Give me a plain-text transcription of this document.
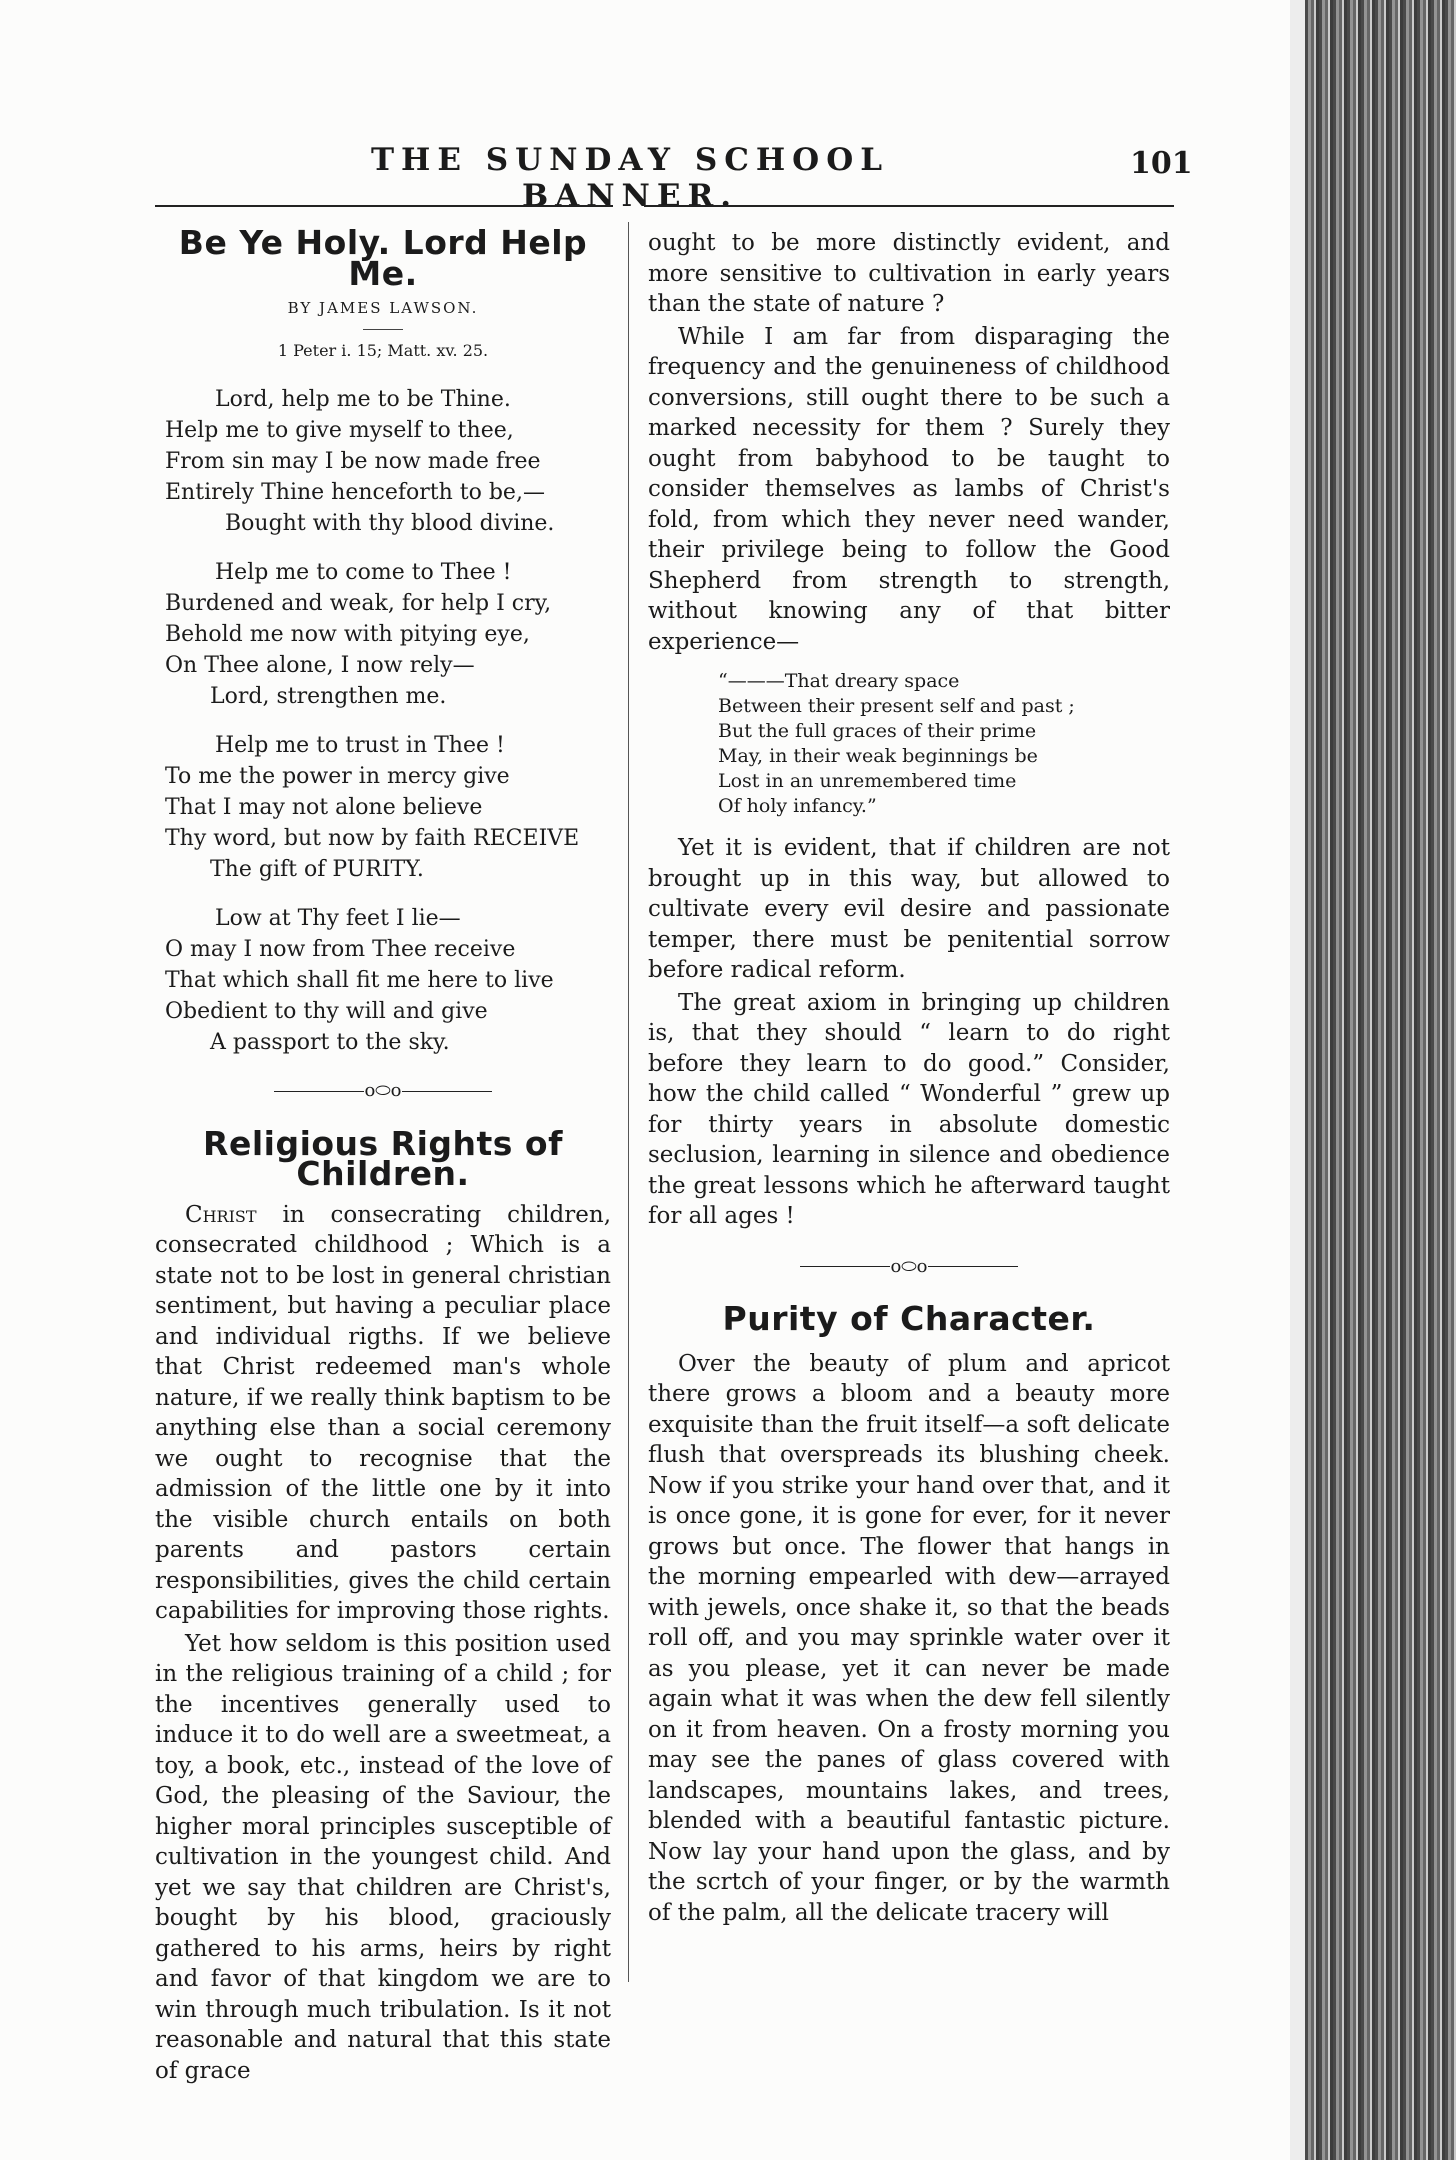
THE SUNDAY SCHOOL BANNER.
101
Be Ye Holy. Lord Help Me.
BY JAMES LAWSON.
1 Peter i. 15; Matt. xv. 25.
Lord, help me to be Thine.
Help me to give myself to thee,
From sin may I be now made free
Entirely Thine henceforth to be,—
Bought with thy blood divine.
Help me to come to Thee !
Burdened and weak, for help I cry,
Behold me now with pitying eye,
On Thee alone, I now rely—
Lord, strengthen me.
Help me to trust in Thee !
To me the power in mercy give
That I may not alone believe
Thy word, but now by faith RECEIVE
The gift of PURITY.
Low at Thy feet I lie—
O may I now from Thee receive
That which shall fit me here to live
Obedient to thy will and give
A passport to the sky.
o⬭o
Religious Rights of Children.

Christ in consecrating children, consecrated childhood ; Which is a state not to be lost in general christian sentiment, but having a peculiar place and individual rigths. If we believe that Christ redeemed man's whole nature, if we really think baptism to be anything else than a social ceremony we ought to recognise that the admission of the little one by it into the visible church entails on both parents and pastors certain responsibilities, gives the child certain capabilities for improving those rights.

Yet how seldom is this position used in the religious training of a child ; for the incentives generally used to induce it to do well are a sweetmeat, a toy, a book, etc., instead of the love of God, the pleasing of the Saviour, the higher moral principles susceptible of cultivation in the youngest child. And yet we say that children are Christ's, bought by his blood, graciously gathered to his arms, heirs by right and favor of that kingdom we are to win through much tribulation. Is it not reasonable and natural that this state of grace

ought to be more distinctly evident, and more sensitive to cultivation in early years than the state of nature ?

While I am far from disparaging the frequency and the genuineness of childhood conversions, still ought there to be such a marked necessity for them ? Surely they ought from babyhood to be taught to consider themselves as lambs of Christ's fold, from which they never need wander, their privilege being to follow the Good Shepherd from strength to strength, without knowing any of that bitter experience—

“———That dreary space
Between their present self and past ;
But the full graces of their prime
May, in their weak beginnings be
Lost in an unremembered time
Of holy infancy.”

Yet it is evident, that if children are not brought up in this way, but allowed to cultivate every evil desire and passionate temper, there must be penitential sorrow before radical reform.

The great axiom in bringing up children is, that they should “ learn to do right before they learn to do good.” Consider, how the child called “ Wonderful ” grew up for thirty years in absolute domestic seclusion, learning in silence and obedience the great lessons which he afterward taught for all ages !

o⬭o
Purity of Character.

Over the beauty of plum and apricot there grows a bloom and a beauty more exquisite than the fruit itself—a soft delicate flush that overspreads its blushing cheek. Now if you strike your hand over that, and it is once gone, it is gone for ever, for it never grows but once. The flower that hangs in the morning empearled with dew—arrayed with jewels, once shake it, so that the beads roll off, and you may sprinkle water over it as you please, yet it can never be made again what it was when the dew fell silently on it from heaven. On a frosty morning you may see the panes of glass covered with landscapes, mountains lakes, and trees, blended with a beautiful fantastic picture. Now lay your hand upon the glass, and by the scrtch of your finger, or by the warmth of the palm, all the delicate tracery will
